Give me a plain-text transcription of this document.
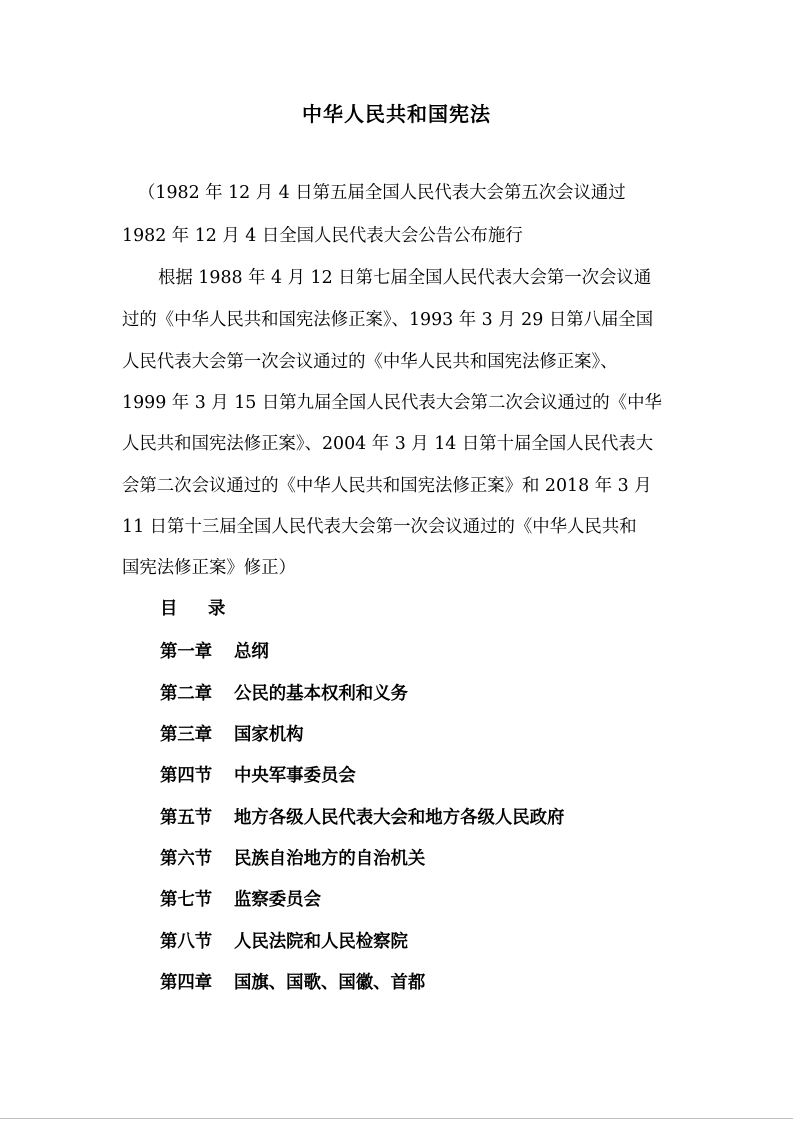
中华人民共和国宪法
（1982 年 12 月 4 日第五届全国人民代表大会第五次会议通过
1982 年 12 月 4 日全国人民代表大会公告公布施行
根据 1988 年 4 月 12 日第七届全国人民代表大会第一次会议通
过的《中华人民共和国宪法修正案》、1993 年 3 月 29 日第八届全国
人民代表大会第一次会议通过的《中华人民共和国宪法修正案》、
1999 年 3 月 15 日第九届全国人民代表大会第二次会议通过的《中华
人民共和国宪法修正案》、2004 年 3 月 14 日第十届全国人民代表大
会第二次会议通过的《中华人民共和国宪法修正案》和 2018 年 3 月
11 日第十三届全国人民代表大会第一次会议通过的《中华人民共和
国宪法修正案》修正）
目 录
第一章 总纲
第二章 公民的基本权利和义务
第三章 国家机构
第四节 中央军事委员会
第五节 地方各级人民代表大会和地方各级人民政府
第六节 民族自治地方的自治机关
第七节 监察委员会
第八节 人民法院和人民检察院
第四章 国旗、国歌、国徽、首都
